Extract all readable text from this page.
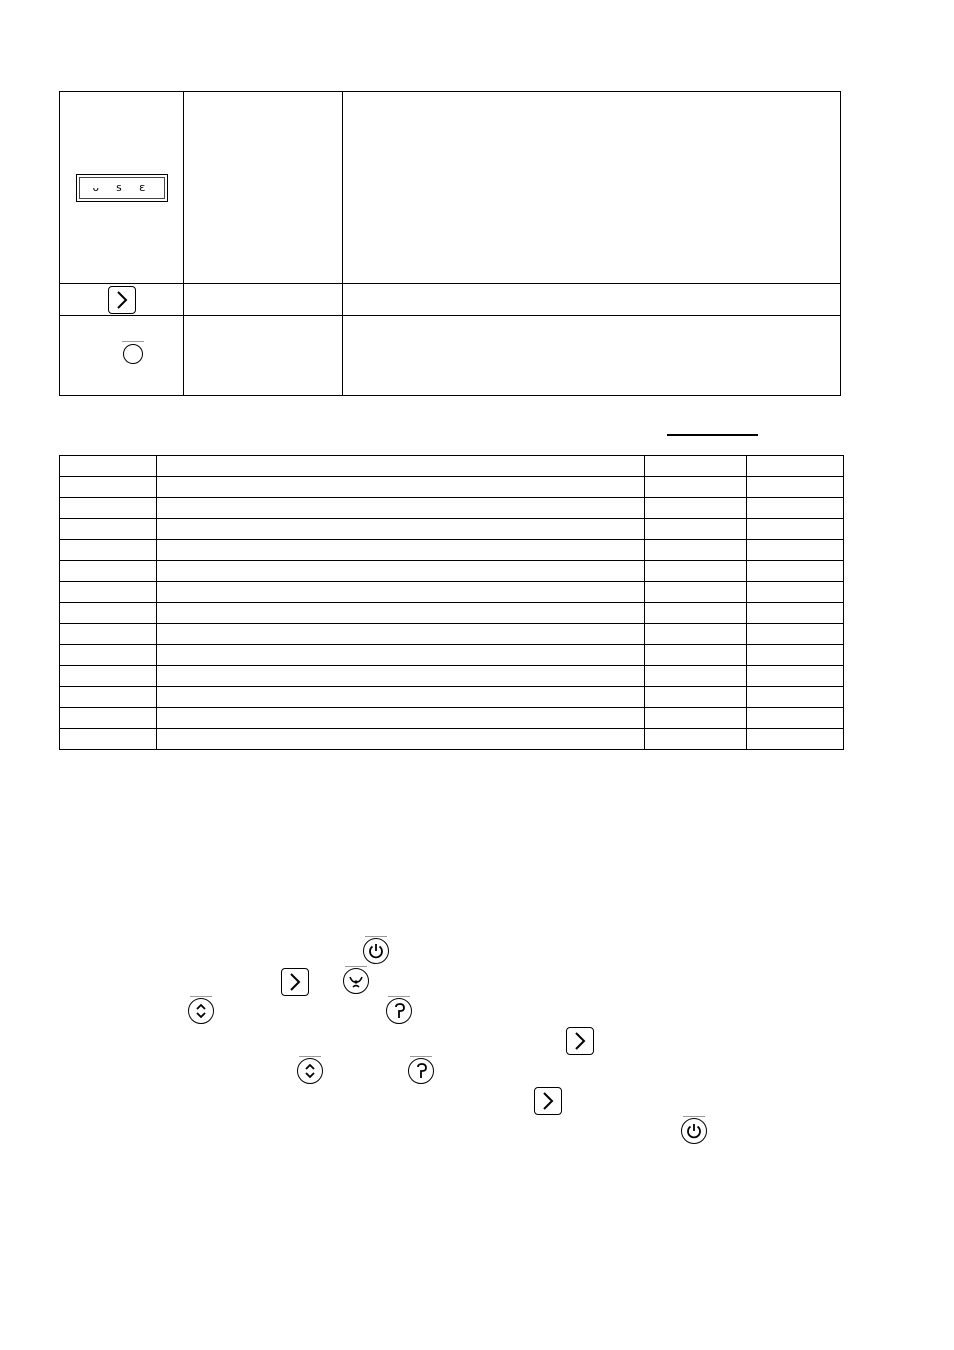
ᴗ s ɛ
